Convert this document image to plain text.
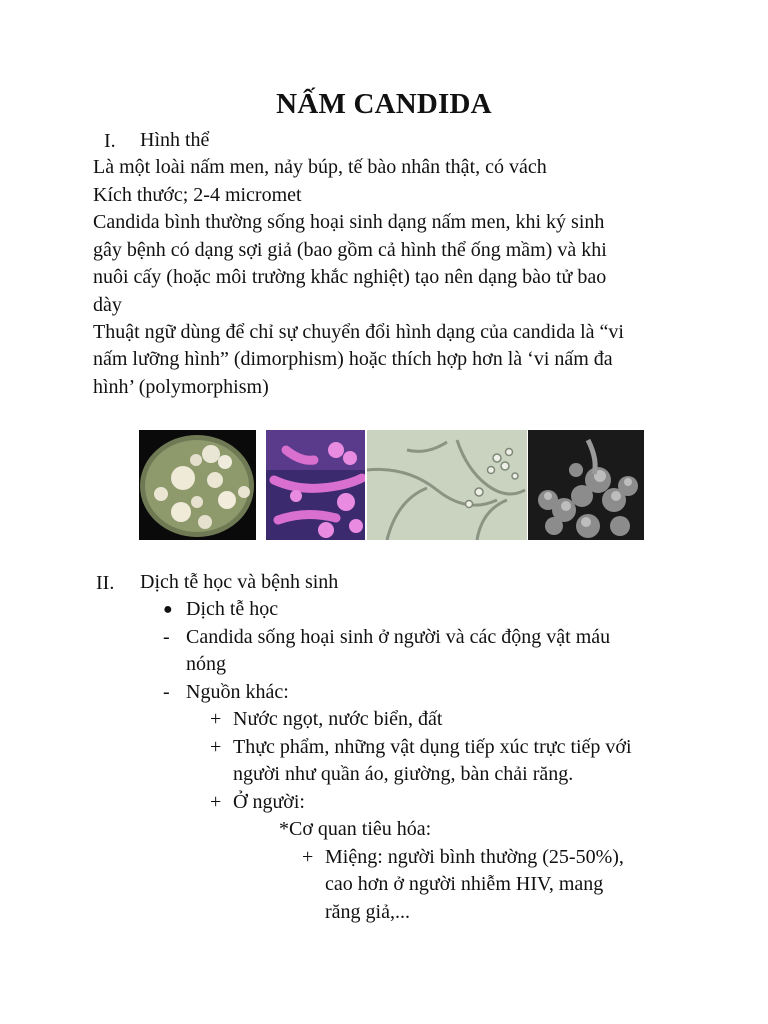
NẤM CANDIDA
I. Hình thể
Là một loài nấm men, nảy búp, tế bào nhân thật, có vách
Kích thước; 2-4 micromet
Candida bình thường sống hoại sinh dạng nấm men, khi ký sinh
gây bệnh có dạng sợi giả (bao gồm cả hình thể ống mầm) và khi
nuôi cấy (hoặc môi trường khắc nghiệt) tạo nên dạng bào tử bao
dày
Thuật ngữ dùng để chỉ sự chuyển đổi hình dạng của candida là “vi
nấm lưỡng hình” (dimorphism) hoặc thích hợp hơn là ‘vi nấm đa
hình’ (polymorphism)
II. Dịch tễ học và bệnh sinh
● Dịch tễ học
- Candida sống hoại sinh ở người và các động vật máu
nóng
- Nguồn khác:
+ Nước ngọt, nước biển, đất
+ Thực phẩm, những vật dụng tiếp xúc trực tiếp với
người như quần áo, giường, bàn chải răng.
+ Ở người:
*Cơ quan tiêu hóa:
+ Miệng: người bình thường (25-50%),
cao hơn ở người nhiễm HIV, mang
răng giả,...
